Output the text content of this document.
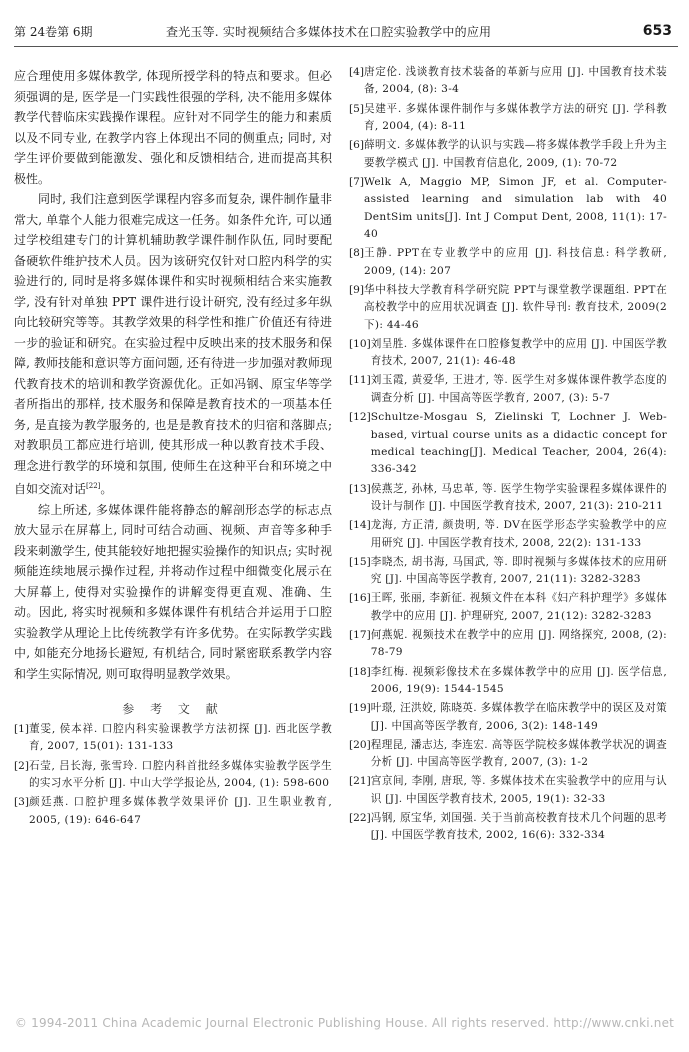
第 24卷第 6期	查光玉等. 实时视频结合多媒体技术在口腔实验教学中的应用	653

应合理使用多媒体教学, 体现所授学科的特点和要求。但必须强调的是, 医学是一门实践性很强的学科, 决不能用多媒体教学代替临床实践操作课程。应针对不同学生的能力和素质以及不同专业, 在教学内容上体现出不同的侧重点; 同时, 对学生评价要做到能激发、强化和反馈相结合, 进而提高其积极性。

同时, 我们注意到医学课程内容多而复杂, 课件制作量非常大, 单靠个人能力很难完成这一任务。如条件允许, 可以通过学校组建专门的计算机辅助教学课件制作队伍, 同时要配备硬软件维护技术人员。因为该研究仅针对口腔内科学的实验进行的, 同时是将多媒体课件和实时视频相结合来实施教学, 没有针对单独 PPT 课件进行设计研究, 没有经过多年纵向比较研究等等。其教学效果的科学性和推广价值还有待进一步的验证和研究。在实验过程中反映出来的技术服务和保障, 教师技能和意识等方面问题, 还有待进一步加强对教师现代教育技术的培训和教学资源优化。正如冯钢、原宝华等学者所指出的那样, 技术服务和保障是教育技术的一项基本任务, 是直接为教学服务的, 也是是教育技术的归宿和落脚点; 对教职员工都应进行培训, 使其形成一种以教育技术手段、理念进行教学的环境和氛围, 使师生在这种平台和环境之中自如交流对话[22]。

综上所述, 多媒体课件能将静态的解剖形态学的标志点放大显示在屏幕上, 同时可结合动画、视频、声音等多种手段来刺激学生, 使其能较好地把握实验操作的知识点; 实时视频能连续地展示操作过程, 并将动作过程中细微变化展示在大屏幕上, 使得对实验操作的讲解变得更直观、准确、生动。因此, 将实时视频和多媒体课件有机结合并运用于口腔实验教学从理论上比传统教学有许多优势。在实际教学实践中, 如能充分地扬长避短, 有机结合, 同时紧密联系教学内容和学生实际情况, 则可取得明显教学效果。

参 考 文 献
[1] 董雯, 侯本祥. 口腔内科实验课教学方法初探 [J]. 西北医学教育, 2007, 15(01): 131-133
[2] 石莹, 吕长海, 张雪玲. 口腔内科首批经多媒体实验教学医学生的实习水平分析 [J]. 中山大学学报论丛, 2004, (1): 598-600
[3] 颜廷燕. 口腔护理多媒体教学效果评价 [J]. 卫生职业教育, 2005, (19): 646-647
[4] 唐定伦. 浅谈教育技术装备的革新与应用 [J]. 中国教育技术装备, 2004, (8): 3-4
[5] 吴建平. 多媒体课件制作与多媒体教学方法的研究 [J]. 学科教育, 2004, (4): 8-11
[6] 薛明文. 多媒体教学的认识与实践—将多媒体教学手段上升为主要教学模式 [J]. 中国教育信息化, 2009, (1): 70-72
[7] Welk A, Maggio MP, Simon JF, et al. Computer-assisted learning and simulation lab with 40 DentSim units[J]. Int J Comput Dent, 2008, 11(1): 17-40
[8] 王静. PPT在专业教学中的应用 [J]. 科技信息: 科学教研, 2009, (14): 207
[9] 华中科技大学教育科学研究院 PPT与课堂教学课题组. PPT在高校教学中的应用状况调查 [J]. 软件导刊: 教育技术, 2009(2下): 44-46
[10] 刘呈胜. 多媒体课件在口腔修复教学中的应用 [J]. 中国医学教育技术, 2007, 21(1): 46-48
[11] 刘玉霞, 黄爱华, 王进才, 等. 医学生对多媒体课件教学态度的调查分析 [J]. 中国高等医学教育, 2007, (3): 5-7
[12] Schultze-Mosgau S, Zielinski T, Lochner J. Web-based, virtual course units as a didactic concept for medical teaching[J]. Medical Teacher, 2004, 26(4): 336-342
[13] 侯燕芝, 孙林, 马忠革, 等. 医学生物学实验课程多媒体课件的设计与制作 [J]. 中国医学教育技术, 2007, 21(3): 210-211
[14] 龙海, 方正清, 颜贵明, 等. DV在医学形态学实验教学中的应用研究 [J]. 中国医学教育技术, 2008, 22(2): 131-133
[15] 李晓杰, 胡书海, 马国武, 等. 即时视频与多媒体技术的应用研究 [J]. 中国高等医学教育, 2007, 21(11): 3282-3283
[16] 王晖, 张丽, 李新征. 视频文件在本科《妇产科护理学》多媒体教学中的应用 [J]. 护理研究, 2007, 21(12): 3282-3283
[17] 何燕妮. 视频技术在教学中的应用 [J]. 网络探究, 2008, (2): 78-79
[18] 李红梅. 视频彩像技术在多媒体教学中的应用 [J]. 医学信息, 2006, 19(9): 1544-1545
[19] 叶璟, 汪洪姣, 陈晓英. 多媒体教学在临床教学中的误区及对策 [J]. 中国高等医学教育, 2006, 3(2): 148-149
[20] 程理昆, 潘志达, 李连宏. 高等医学院校多媒体教学状况的调查分析 [J]. 中国高等医学教育, 2007, (3): 1-2
[21] 宫京间, 李刚, 唐珉, 等. 多媒体技术在实验教学中的应用与认识 [J]. 中国医学教育技术, 2005, 19(1): 32-33
[22] 冯钢, 原宝华, 刘国强. 关于当前高校教育技术几个问题的思考 [J]. 中国医学教育技术, 2002, 16(6): 332-334
© 1994-2011 China Academic Journal Electronic Publishing House. All rights reserved. http://www.cnki.net
